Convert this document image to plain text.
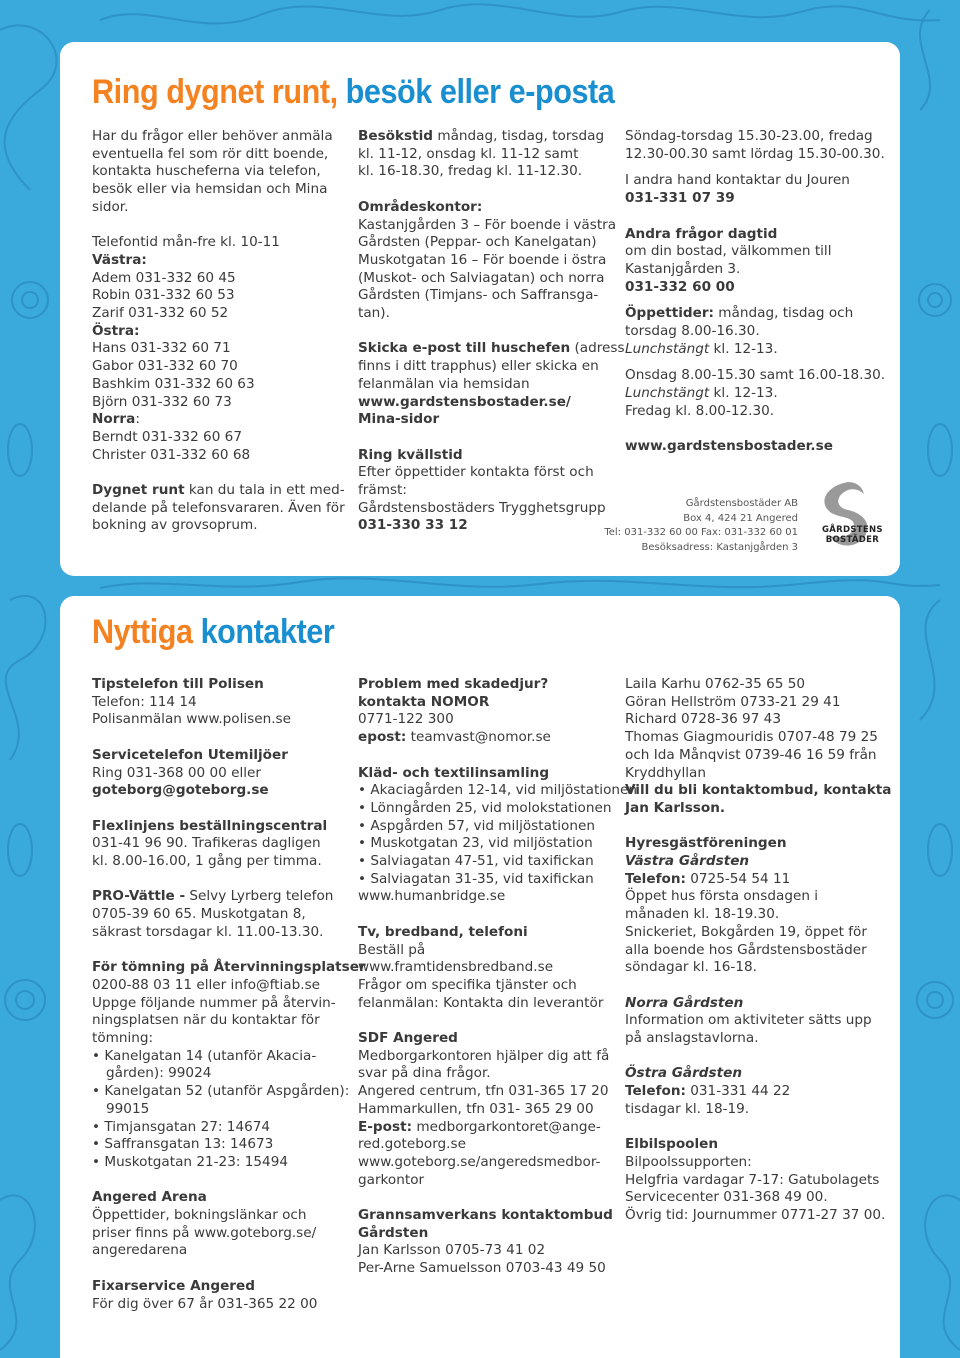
Ring dygnet runt, besök eller e-posta

Har du frågor eller behöver anmäla

eventuella fel som rör ditt boende,

kontakta huscheferna via telefon,

besök eller via hemsidan och Mina

sidor.

Telefontid mån-fre kl. 10-11

Västra:

Adem 031-332 60 45

Robin 031-332 60 53

Zarif 031-332 60 52

Östra:

Hans 031-332 60 71

Gabor 031-332 60 70

Bashkim 031-332 60 63

Björn 031-332 60 73

Norra:

Berndt 031-332 60 67

Christer 031-332 60 68

Dygnet runt kan du tala in ett med-

delande på telefonsvararen. Även för

bokning av grovsoprum.

Besökstid måndag, tisdag, torsdag

kl. 11-12, onsdag kl. 11-12 samt

kl. 16-18.30, fredag kl. 11-12.30.

Områdeskontor:

Kastanjgården 3 – För boende i västra

Gårdsten (Peppar- och Kanelgatan)

Muskotgatan 16 – För boende i östra

(Muskot- och Salviagatan) och norra

Gårdsten (Timjans- och Saffransga-

tan).

Skicka e-post till huschefen (adress

finns i ditt trapphus) eller skicka en

felanmälan via hemsidan

www.gardstensbostader.se/

Mina-sidor

Ring kvällstid

Efter öppettider kontakta först och

främst:

Gårdstensbostäders Trygghetsgrupp

031-330 33 12

Söndag-torsdag 15.30-23.00, fredag

12.30-00.30 samt lördag 15.30-00.30.

I andra hand kontaktar du Jouren

031-331 07 39

Andra frågor dagtid

om din bostad, välkommen till

Kastanjgården 3.

031-332 60 00

Öppettider: måndag, tisdag och

torsdag 8.00-16.30.

Lunchstängt kl. 12-13.

Onsdag 8.00-15.30 samt 16.00-18.30.

Lunchstängt kl. 12-13.

Fredag kl. 8.00-12.30.

www.gardstensbostader.se

Gårdstensbostäder AB
Box 4, 424 21 Angered
Tel: 031-332 60 00 Fax: 031-332 60 01
Besöksadress: Kastanjgården 3
GÅRDSTENS
BOSTÄDER
Nyttiga kontakter

Tipstelefon till Polisen

Telefon: 114 14

Polisanmälan www.polisen.se

Servicetelefon Utemiljöer

Ring 031-368 00 00 eller

goteborg@goteborg.se

Flexlinjens beställningscentral

031-41 96 90. Trafikeras dagligen

kl. 8.00-16.00, 1 gång per timma.

PRO-Vättle - Selvy Lyrberg telefon

0705-39 60 65. Muskotgatan 8,

säkrast torsdagar kl. 11.00-13.30.

För tömning på Återvinningsplatser

0200-88 03 11 eller info@ftiab.se

Uppge följande nummer på återvin-

ningsplatsen när du kontaktar för

tömning:

• Kanelgatan 14 (utanför Akacia-

gården): 99024

• Kanelgatan 52 (utanför Aspgården):

99015

• Timjansgatan 27: 14674

• Saffransgatan 13: 14673

• Muskotgatan 21-23: 15494

Angered Arena

Öppettider, bokningslänkar och

priser finns på www.goteborg.se/

angeredarena

Fixarservice Angered

För dig över 67 år 031-365 22 00

Problem med skadedjur?

kontakta NOMOR

0771-122 300

epost: teamvast@nomor.se

Kläd- och textilinsamling

• Akaciagården 12-14, vid miljöstationen

• Lönngården 25, vid molokstationen

• Aspgården 57, vid miljöstationen

• Muskotgatan 23, vid miljöstation

• Salviagatan 47-51, vid taxifickan

• Salviagatan 31-35, vid taxifickan

www.humanbridge.se

Tv, bredband, telefoni

Beställ på

www.framtidensbredband.se

Frågor om specifika tjänster och

felanmälan: Kontakta din leverantör

SDF Angered

Medborgarkontoren hjälper dig att få

svar på dina frågor.

Angered centrum, tfn 031-365 17 20

Hammarkullen, tfn 031- 365 29 00

E-post: medborgarkontoret@ange-

red.goteborg.se

www.goteborg.se/angeredsmedbor-

garkontor

Grannsamverkans kontaktombud

Gårdsten

Jan Karlsson 0705-73 41 02

Per-Arne Samuelsson 0703-43 49 50

Laila Karhu 0762-35 65 50

Göran Hellström 0733-21 29 41

Richard 0728-36 97 43

Thomas Giagmouridis 0707-48 79 25

och Ida Månqvist 0739-46 16 59 från

Kryddhyllan

Vill du bli kontaktombud, kontakta

Jan Karlsson.

Hyresgästföreningen

Västra Gårdsten

Telefon: 0725-54 54 11

Öppet hus första onsdagen i

månaden kl. 18-19.30.

Snickeriet, Bokgården 19, öppet för

alla boende hos Gårdstensbostäder

söndagar kl. 16-18.

Norra Gårdsten

Information om aktiviteter sätts upp

på anslagstavlorna.

Östra Gårdsten

Telefon: 031-331 44 22

tisdagar kl. 18-19.

Elbilspoolen

Bilpoolssupporten:

Helgfria vardagar 7-17: Gatubolagets

Servicecenter 031-368 49 00.

Övrig tid: Journummer 0771-27 37 00.
